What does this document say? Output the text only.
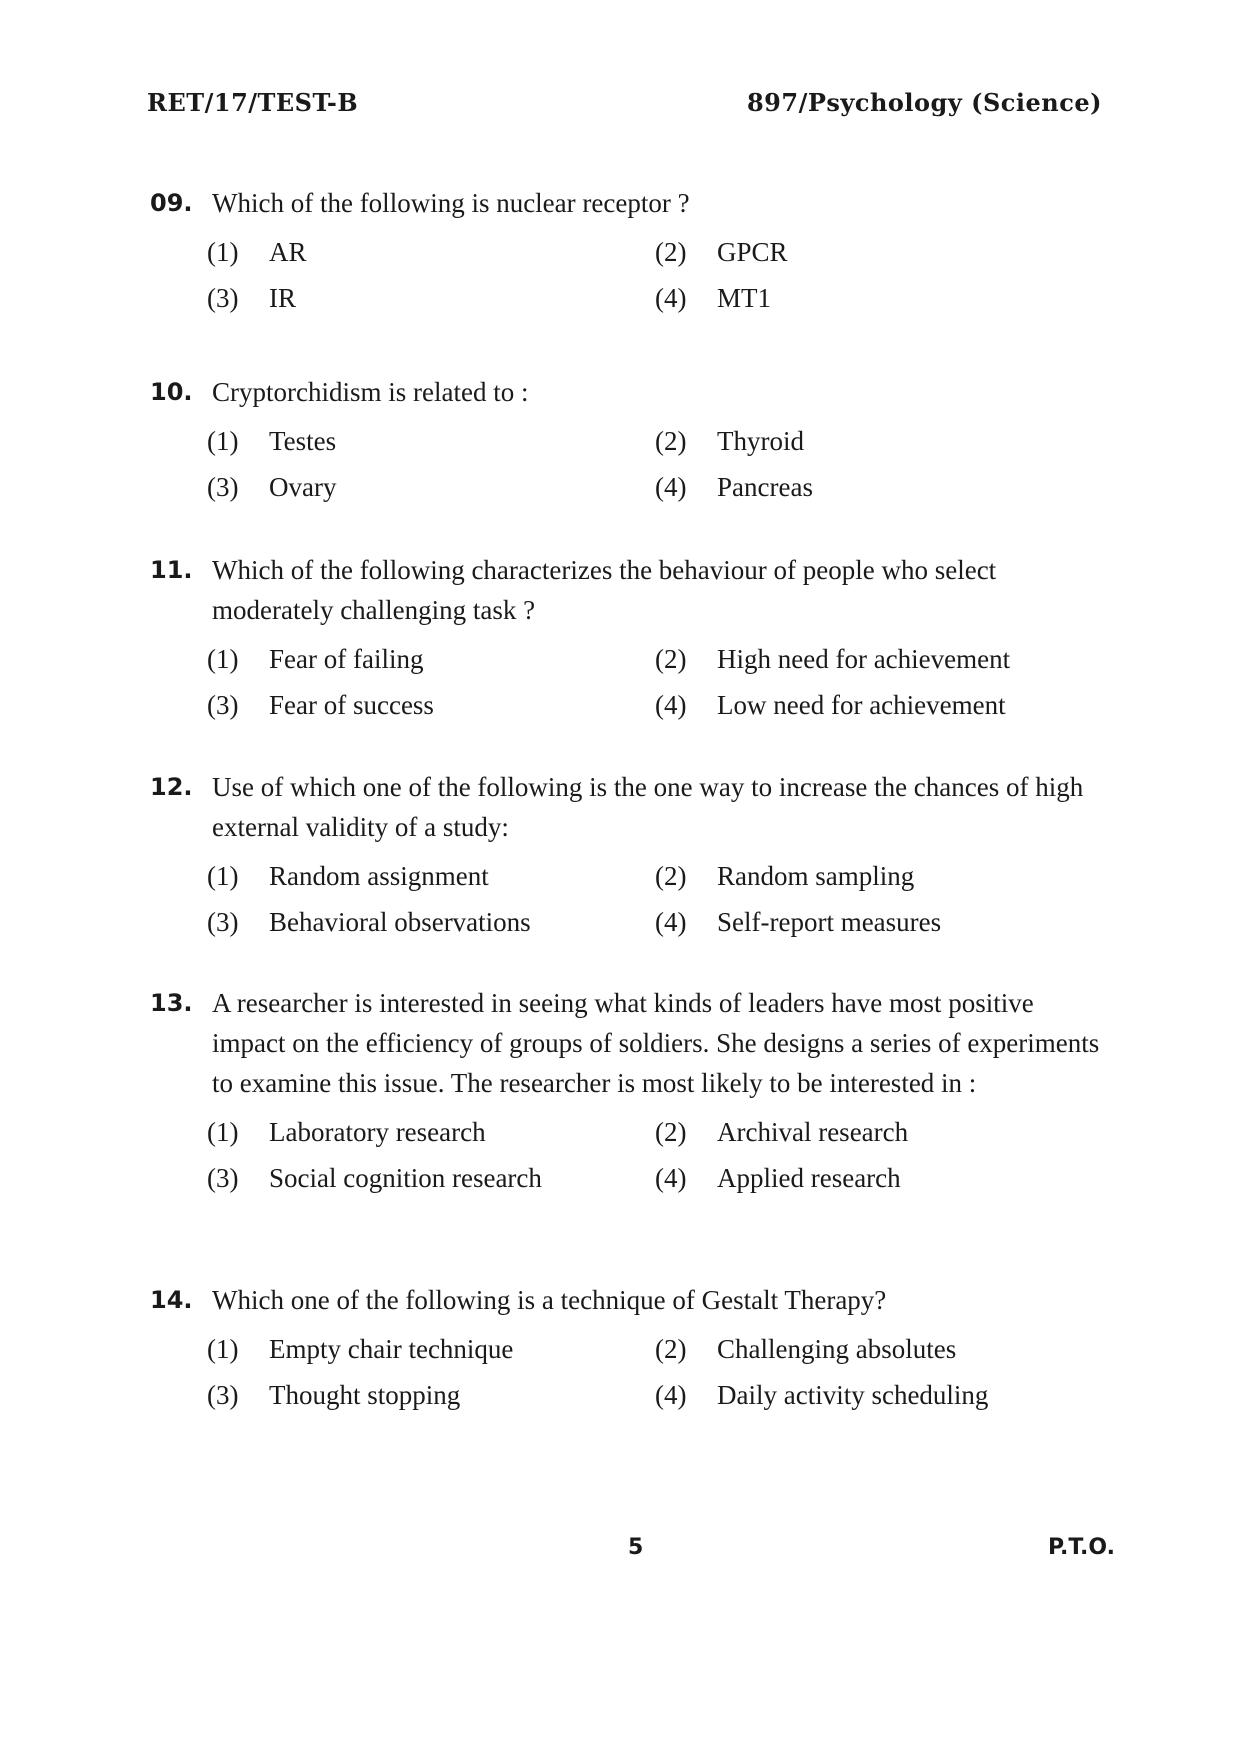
RET/17/TEST-B	897/Psychology (Science)
09. Which of the following is nuclear receptor ?
(1) AR	(2) GPCR
(3) IR	(4) MT1
10. Cryptorchidism is related to :
(1) Testes	(2) Thyroid
(3) Ovary	(4) Pancreas
11. Which of the following characterizes the behaviour of people who select moderately challenging task ?
(1) Fear of failing	(2) High need for achievement
(3) Fear of success	(4) Low need for achievement
12. Use of which one of the following is the one way to increase the chances of high external validity of a study:
(1) Random assignment	(2) Random sampling
(3) Behavioral observations	(4) Self-report measures
13. A researcher is interested in seeing what kinds of leaders have most positive impact on the efficiency of groups of soldiers. She designs a series of experiments to examine this issue. The researcher is most likely to be interested in :
(1) Laboratory research	(2) Archival research
(3) Social cognition research	(4) Applied research
14. Which one of the following is a technique of Gestalt Therapy?
(1) Empty chair technique	(2) Challenging absolutes
(3) Thought stopping	(4) Daily activity scheduling
5	P.T.O.
